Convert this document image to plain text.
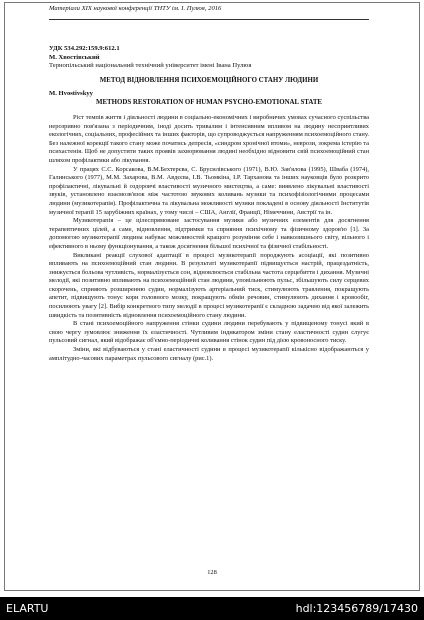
Матеріали ХІХ наукової конференції ТНТУ ім. І. Пулюя, 2016
УДК 534.292:159.9:612.1
М. Хвостівський
Тернопільський національний технічний університет імені Івана Пулюя
МЕТОД ВІДНОВЛЕННЯ ПСИХОЕМОЦІЙНОГО СТАНУ ЛЮДИНИ
M. Hvostivskyy
METHODS RESTORATION OF HUMAN PSYCHO-EMOTIONAL STATE

Ріст темпів життя і діяльності людини в соціально-економічних і виробничих умовах сучасного суспільства нерозривно пов'язана з періодичним, іноді досить тривалим і інтенсивним впливом на людину несприятливих екологічних, соціальних, професійних та інших факторів, що супроводжується напруженням психоемоційного стану. Без належної корекції такого стану може початись депресія, «синдром хронічної втоми», неврози, зокрема істерію та психастенія. Щоб не допустити таких проявів захворювання людині необхідно відновити свій психоемоційний стан шляхом профілактики або лікування.

У працях С.С. Корсакова, В.М.Бехтерєва, С. Брусилівського (1971), В.Ю. Зав'ялова (1995), Шваба (1974), Галинського (1977), М.М. Захарова, В.М. Авдєєва, І.В. Тьомкіна, І.Р. Тарханова та інших науковців було розкрито профілактичні, лікувальні й оздоровчі властивості музичного мистецтва, а саме: виявлено лікувальні властивості звуків, установлено взаємозв'язок між частотою звукових коливань музики та психофізіологічними процесами людини (музикотерапія). Профілактична та лікувальна можливості музики покладені в основу діяльності Інститутів музичної терапії 15 зарубіжних країнах, у тому числі – США, Англії, Франції, Німеччини, Австрії та ін.

Музикотерапія – це цілеспрямоване застосування музики або музичних елементів для досягнення терапевтичних цілей, а саме, відновлення, підтримки та сприяння психічному та фізичному здоров'ю [1]. За допомогою музикотерапії людина набуває можливостей кращого розуміння себе і навколишнього світу, вільного і ефективного в ньому функціонування, а також досягнення більшої психічної та фізичної стабільності.

Викликані реакції слухової адаптації в процесі музикотерапії породжують асоціації, які позитивно впливають на психоемоційний стан людини. В результаті музикотерапії підвищується настрій, працездатність, знижується больова чутливість, нормалізується сон, відновлюється стабільна частота серцебиття і дихання. Музичні мелодії, які позитивно впливають на психоемоційний стан людини, уповільнюють пульс, збільшують силу серцевих скорочень, сприяють розширенню судин, нормалізують артеріальний тиск, стимулюють травлення, покращують апетит, підвищують тонус кори головного мозку, покращують обмін речовин, стимулюють дихання і кровообіг, посилюють увагу [2]. Вибір конкретного типу мелодії в процесі музикотерапії є складною задачею від якої залежить швидкість та позитивність відновлення психоемоційного стану людини.

В стані психоемоційного напруження стінки судини людини перебувають у підвищеному тонусі який в свою чергу зумовлює зниження їх еластичності. Чутливим індикатором зміни стану еластичності судин слугує пульсовий сигнал, який відображає об'ємно-періодичні коливання стінок судин під дією кровоносного тиску.

Зміни, які відбуваються у стані еластичності судини в процесі музикотерапії кількісно відображаються у амплітудно-часових параметрах пульсового сигналу (рис.1).

128
ELARTU	hdl:123456789/17430
